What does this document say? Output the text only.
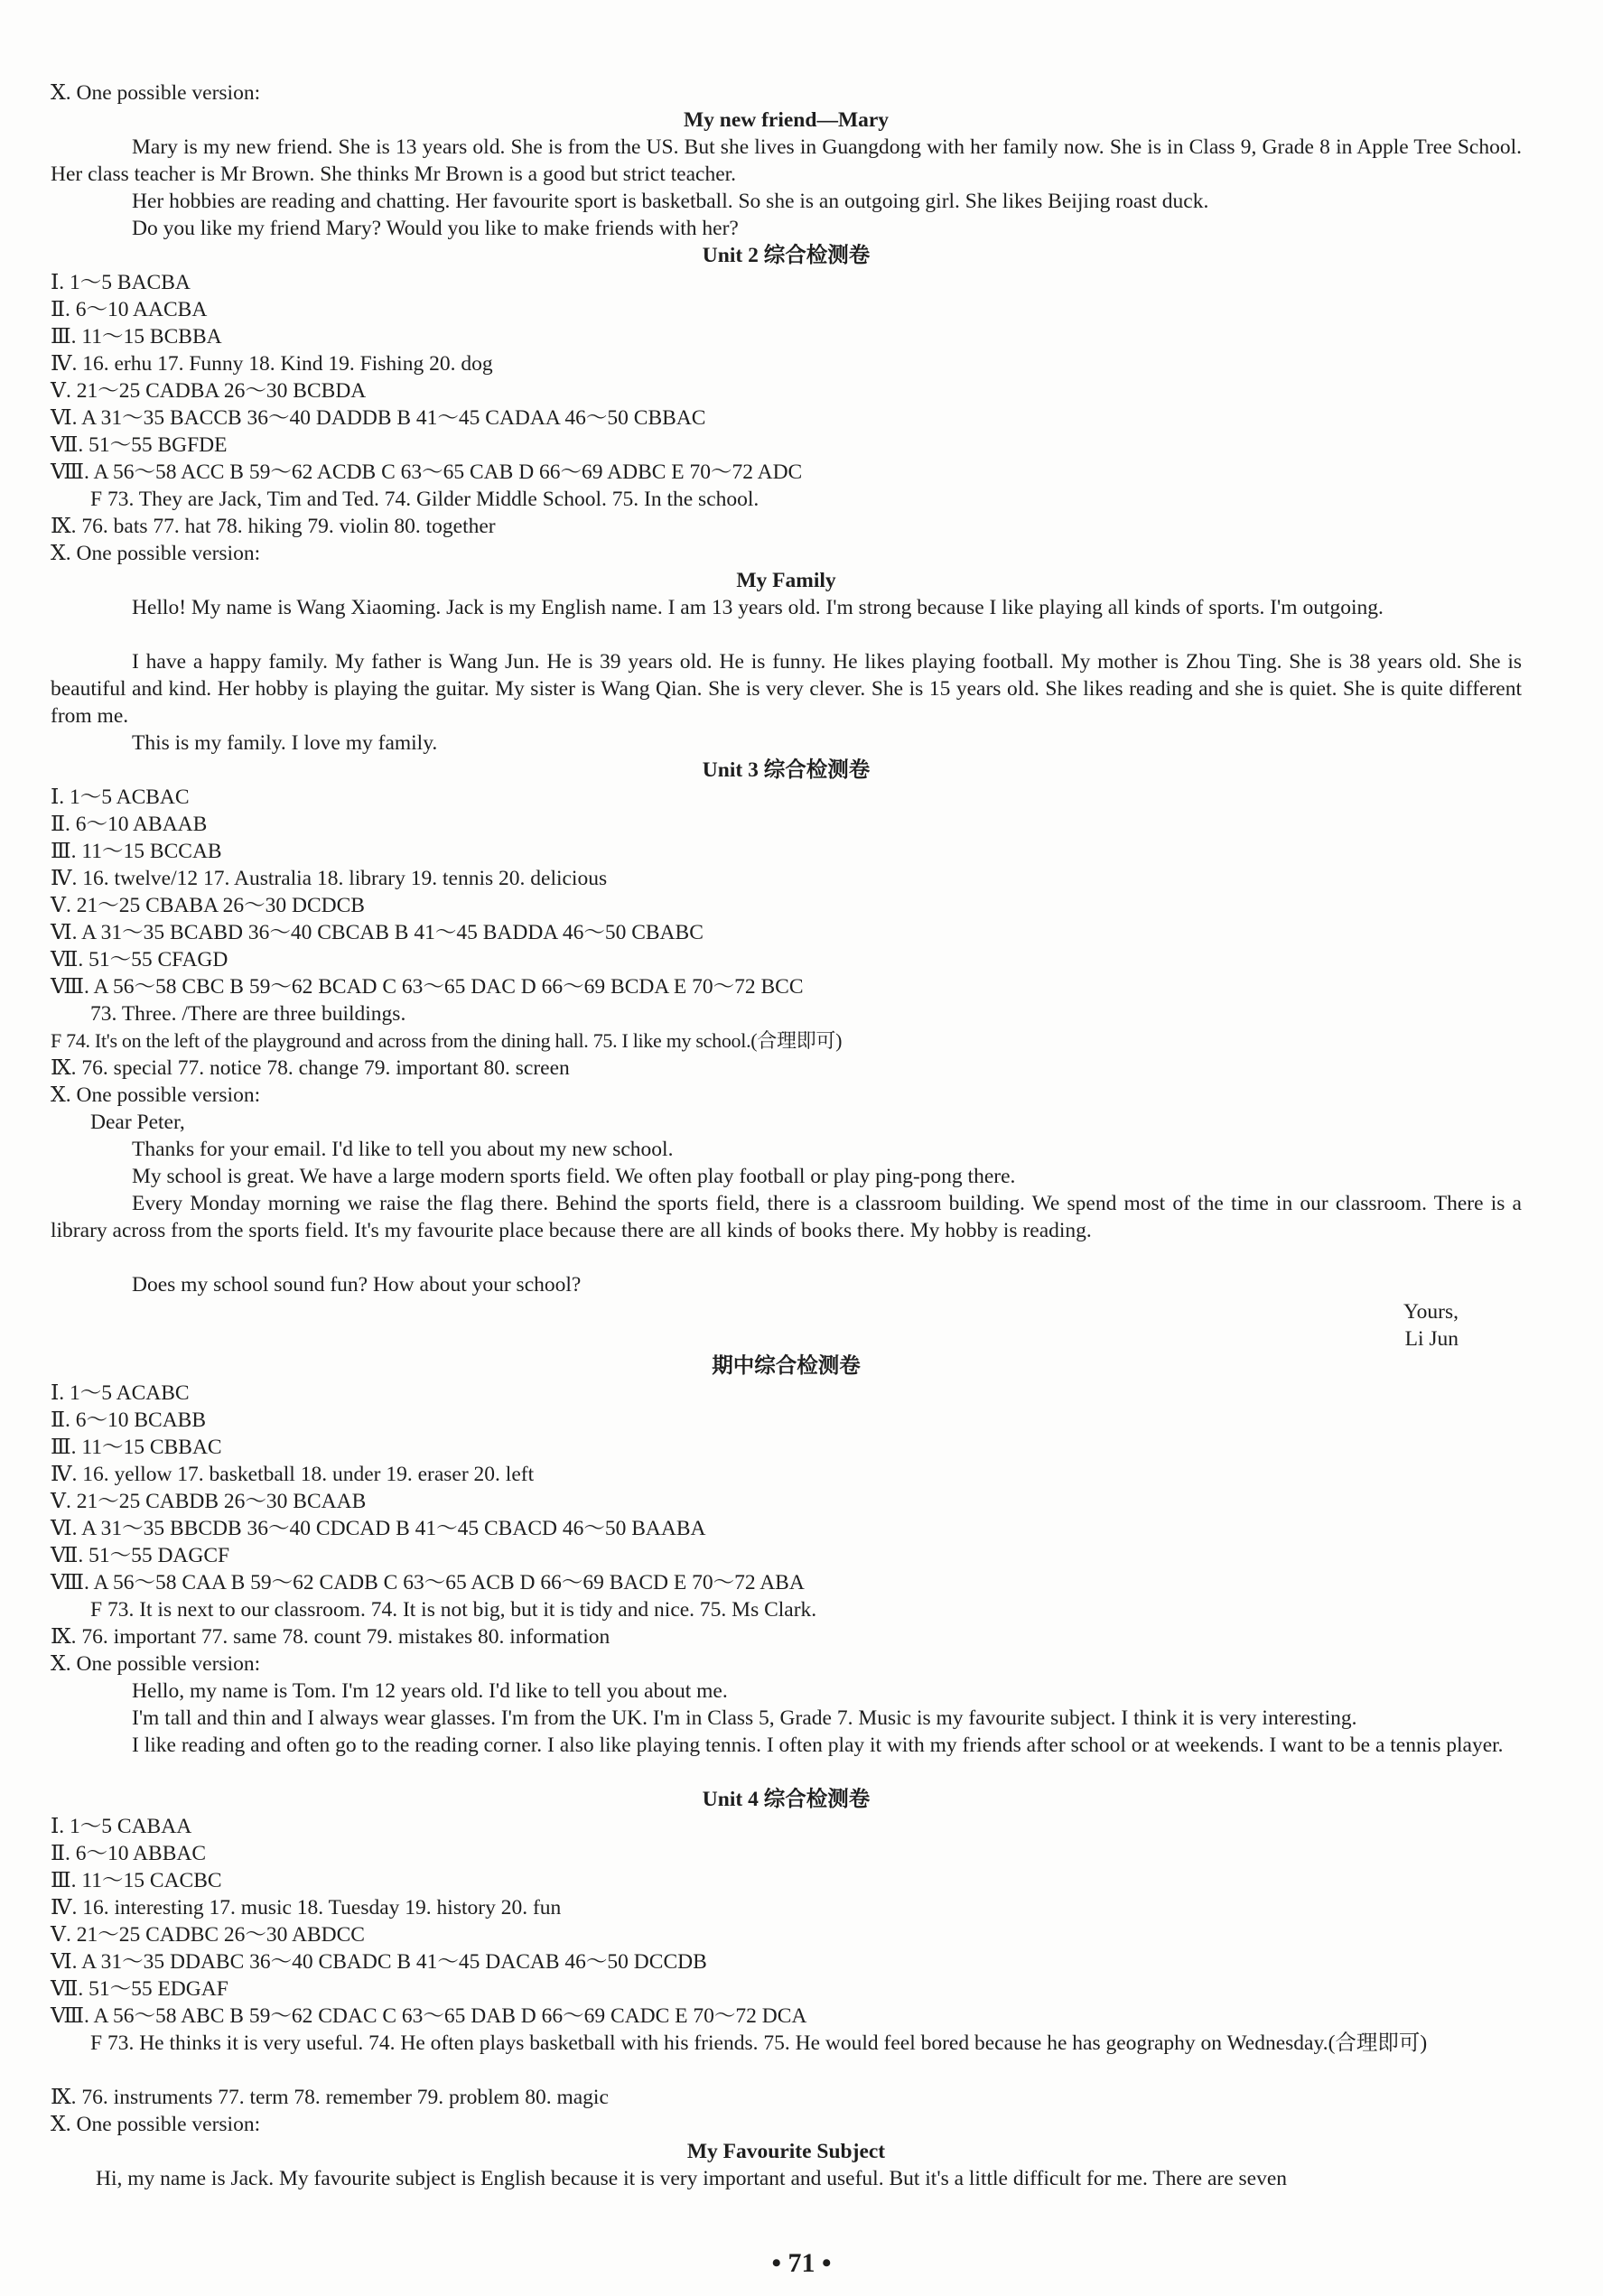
Ⅹ. One possible version:
My new friend—Mary
Mary is my new friend. She is 13 years old. She is from the US. But she lives in Guangdong with her family now. She is in Class 9, Grade 8 in Apple Tree School. Her class teacher is Mr Brown. She thinks Mr Brown is a good but strict teacher.
Her hobbies are reading and chatting. Her favourite sport is basketball. So she is an outgoing girl. She likes Beijing roast duck.
Do you like my friend Mary? Would you like to make friends with her?
Unit 2 综合检测卷
Ⅰ. 1～5 BACBA
Ⅱ. 6～10 AACBA
Ⅲ. 11～15 BCBBA
Ⅳ. 16. erhu 17. Funny 18. Kind 19. Fishing 20. dog
Ⅴ. 21～25 CADBA 26～30 BCBDA
Ⅵ. A 31～35 BACCB 36～40 DADDB B 41～45 CADAA 46～50 CBBAC
Ⅶ. 51～55 BGFDE
Ⅷ. A 56～58 ACC B 59～62 ACDB C 63～65 CAB D 66～69 ADBC E 70～72 ADC
F 73. They are Jack, Tim and Ted. 74. Gilder Middle School. 75. In the school.
Ⅸ. 76. bats 77. hat 78. hiking 79. violin 80. together
Ⅹ. One possible version:
My Family
Hello! My name is Wang Xiaoming. Jack is my English name. I am 13 years old. I'm strong because I like playing all kinds of sports. I'm outgoing.
I have a happy family. My father is Wang Jun. He is 39 years old. He is funny. He likes playing football. My mother is Zhou Ting. She is 38 years old. She is beautiful and kind. Her hobby is playing the guitar. My sister is Wang Qian. She is very clever. She is 15 years old. She likes reading and she is quiet. She is quite different from me.
This is my family. I love my family.
Unit 3 综合检测卷
Ⅰ. 1～5 ACBAC
Ⅱ. 6～10 ABAAB
Ⅲ. 11～15 BCCAB
Ⅳ. 16. twelve/12 17. Australia 18. library 19. tennis 20. delicious
Ⅴ. 21～25 CBABA 26～30 DCDCB
Ⅵ. A 31～35 BCABD 36～40 CBCAB B 41～45 BADDA 46～50 CBABC
Ⅶ. 51～55 CFAGD
Ⅷ. A 56～58 CBC B 59～62 BCAD C 63～65 DAC D 66～69 BCDA E 70～72 BCC
73. Three. /There are three buildings.
F 74. It's on the left of the playground and across from the dining hall. 75. I like my school.(合理即可)
Ⅸ. 76. special 77. notice 78. change 79. important 80. screen
Ⅹ. One possible version:
Dear Peter,
Thanks for your email. I'd like to tell you about my new school.
My school is great. We have a large modern sports field. We often play football or play ping-pong there.
Every Monday morning we raise the flag there. Behind the sports field, there is a classroom building. We spend most of the time in our classroom. There is a library across from the sports field. It's my favourite place because there are all kinds of books there. My hobby is reading.
Does my school sound fun? How about your school?
Yours,
Li Jun
期中综合检测卷
Ⅰ. 1～5 ACABC
Ⅱ. 6～10 BCABB
Ⅲ. 11～15 CBBAC
Ⅳ. 16. yellow 17. basketball 18. under 19. eraser 20. left
Ⅴ. 21～25 CABDB 26～30 BCAAB
Ⅵ. A 31～35 BBCDB 36～40 CDCAD B 41～45 CBACD 46～50 BAABA
Ⅶ. 51～55 DAGCF
Ⅷ. A 56～58 CAA B 59～62 CADB C 63～65 ACB D 66～69 BACD E 70～72 ABA
F 73. It is next to our classroom. 74. It is not big, but it is tidy and nice. 75. Ms Clark.
Ⅸ. 76. important 77. same 78. count 79. mistakes 80. information
Ⅹ. One possible version:
Hello, my name is Tom. I'm 12 years old. I'd like to tell you about me.
I'm tall and thin and I always wear glasses. I'm from the UK. I'm in Class 5, Grade 7. Music is my favourite subject. I think it is very interesting.
I like reading and often go to the reading corner. I also like playing tennis. I often play it with my friends after school or at weekends. I want to be a tennis player.
Unit 4 综合检测卷
Ⅰ. 1～5 CABAA
Ⅱ. 6～10 ABBAC
Ⅲ. 11～15 CACBC
Ⅳ. 16. interesting 17. music 18. Tuesday 19. history 20. fun
Ⅴ. 21～25 CADBC 26～30 ABDCC
Ⅵ. A 31～35 DDABC 36～40 CBADC B 41～45 DACAB 46～50 DCCDB
Ⅶ. 51～55 EDGAF
Ⅷ. A 56～58 ABC B 59～62 CDAC C 63～65 DAB D 66～69 CADC E 70～72 DCA
F 73. He thinks it is very useful. 74. He often plays basketball with his friends. 75. He would feel bored because he has geography on Wednesday.(合理即可)
Ⅸ. 76. instruments 77. term 78. remember 79. problem 80. magic
Ⅹ. One possible version:
My Favourite Subject
Hi, my name is Jack. My favourite subject is English because it is very important and useful. But it's a little difficult for me. There are seven
• 71 •
